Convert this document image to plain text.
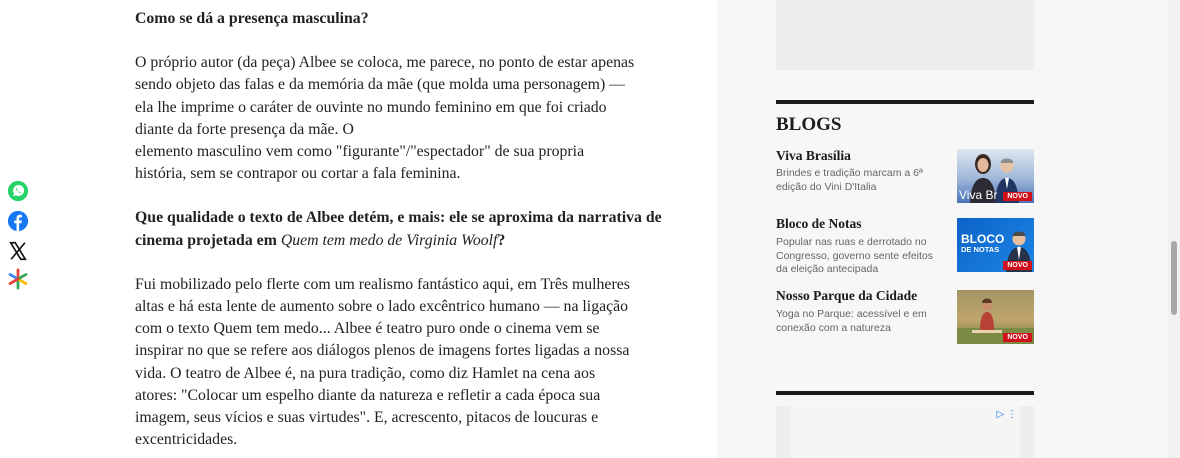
Como se dá a presença masculina?

O próprio autor (da peça) Albee se coloca, me parece, no ponto de estar apenas
sendo objeto das falas e da memória da mãe (que molda uma personagem) —
ela lhe imprime o caráter de ouvinte no mundo feminino em que foi criado
diante da forte presença da mãe. O
elemento masculino vem como "figurante"/"espectador" de sua propria
história, sem se contrapor ou cortar a fala feminina.

Que qualidade o texto de Albee detém, e mais: ele se aproxima da narrativa de
cinema projetada em Quem tem medo de Virginia Woolf?

Fui mobilizado pelo flerte com um realismo fantástico aqui, em Três mulheres
altas e há esta lente de aumento sobre o lado excêntrico humano — na ligação
com o texto Quem tem medo... Albee é teatro puro onde o cinema vem se
inspirar no que se refere aos diálogos plenos de imagens fortes ligadas a nossa
vida. O teatro de Albee é, na pura tradição, como diz Hamlet na cena aos
atores: "Colocar um espelho diante da natureza e refletir a cada época sua
imagem, seus vícios e suas virtudes". E, acrescento, pitacos de loucuras e
excentricidades.

BLOGS
Viva Brasília
Brindes e tradição marcam a 6ª
edição do Vini D'Italia
Viva Br	NOVO
Bloco de Notas
Popular nas ruas e derrotado no
Congresso, governo sente efeitos
da eleição antecipada
BLOCO
DE NOTAS
NOVO
Nosso Parque da Cidade
Yoga no Parque: acessível e em
conexão com a natureza
NOVO
▷ ⋮
